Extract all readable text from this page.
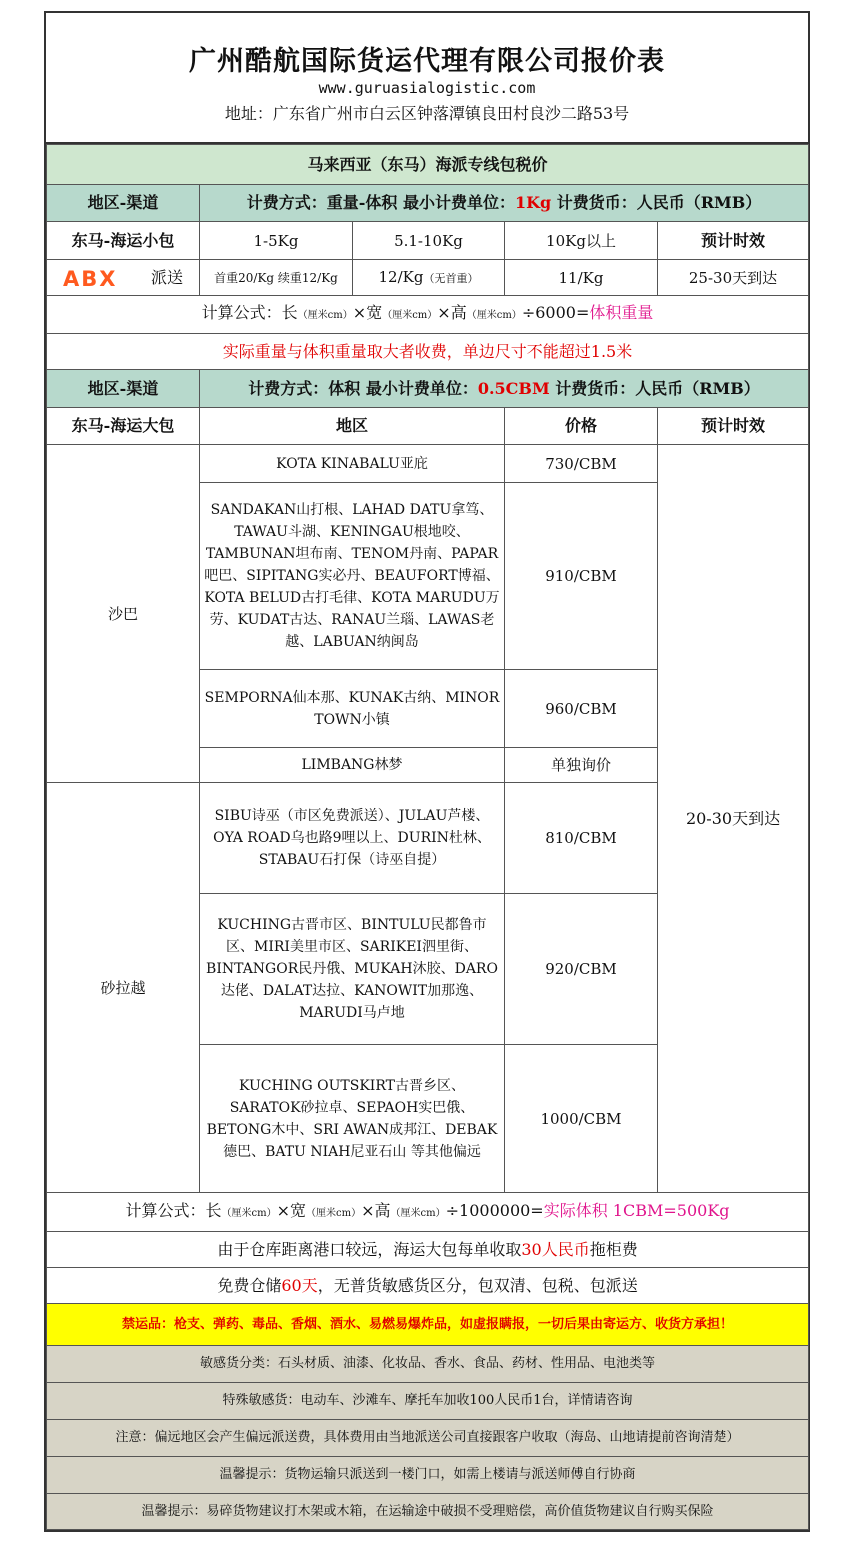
广州酷航国际货运代理有限公司报价表
www.guruasialogistic.com
地址：广东省广州市白云区钟落潭镇良田村良沙二路53号
马来西亚（东马）海派专线包税价				
地区-渠道	计费方式：重量-体积 最小计费单位：1Kg 计费货币：人民币（RMB）			
东马-海运小包	1-5Kg	5.1-10Kg	10Kg以上	预计时效

ABX 派送	首重20/Kg 续重12/Kg	12/Kg（无首重）	11/Kg	25-30天到达
计算公式：长（厘米cm）×宽（厘米cm）×高（厘米cm）÷6000=体积重量				
实际重量与体积重量取大者收费，单边尺寸不能超过1.5米				
地区-渠道	计费方式：体积 最小计费单位：0.5CBM 计费货币：人民币（RMB）			
东马-海运大包	地区		价格	预计时效
沙巴	KOTA KINABALU亚庇		730/CBM	20-30天到达
	SANDAKAN山打根、LAHAD DATU拿笃、TAWAU斗湖、KENINGAU根地咬、TAMBUNAN坦布南、TENOM丹南、PAPAR吧巴、SIPITANG实必丹、BEAUFORT博福、KOTA BELUD古打毛律、KOTA MARUDU万劳、KUDAT古达、RANAU兰瑙、LAWAS老越、LABUAN纳闽岛		910/CBM	
	SEMPORNA仙本那、KUNAK古纳、MINOR TOWN小镇		960/CBM	
	LIMBANG林梦		单独询价	
砂拉越	SIBU诗巫（市区免费派送）、JULAU芦楼、OYA ROAD乌也路9哩以上、DURIN杜林、STABAU石打保（诗巫自提）		810/CBM	
	KUCHING古晋市区、BINTULU民都鲁市区、MIRI美里市区、SARIKEI泗里街、BINTANGOR民丹俄、MUKAH沐胶、DARO达佬、DALAT达拉、KANOWIT加那逸、MARUDI马卢地		920/CBM	
	KUCHING OUTSKIRT古晋乡区、SARATOK砂拉卓、SEPAOH实巴俄、BETONG木中、SRI AWAN成邦江、DEBAK德巴、BATU NIAH尼亚石山 等其他偏远		1000/CBM	
计算公式：长（厘米cm）×宽（厘米cm）×高（厘米cm）÷1000000=实际体积 1CBM=500Kg				
由于仓库距离港口较远，海运大包每单收取30人民币拖柜费				
免费仓储60天，无普货敏感货区分，包双清、包税、包派送				
禁运品：枪支、弹药、毒品、香烟、酒水、易燃易爆炸品，如虚报瞒报，一切后果由寄运方、收货方承担！				
敏感货分类：石头材质、油漆、化妆品、香水、食品、药材、性用品、电池类等				
特殊敏感货：电动车、沙滩车、摩托车加收100人民币1台，详情请咨询				
注意：偏远地区会产生偏远派送费，具体费用由当地派送公司直接跟客户收取（海岛、山地请提前咨询清楚）				
温馨提示：货物运输只派送到一楼门口，如需上楼请与派送师傅自行协商				
温馨提示：易碎货物建议打木架或木箱，在运输途中破损不受理赔偿，高价值货物建议自行购买保险				
